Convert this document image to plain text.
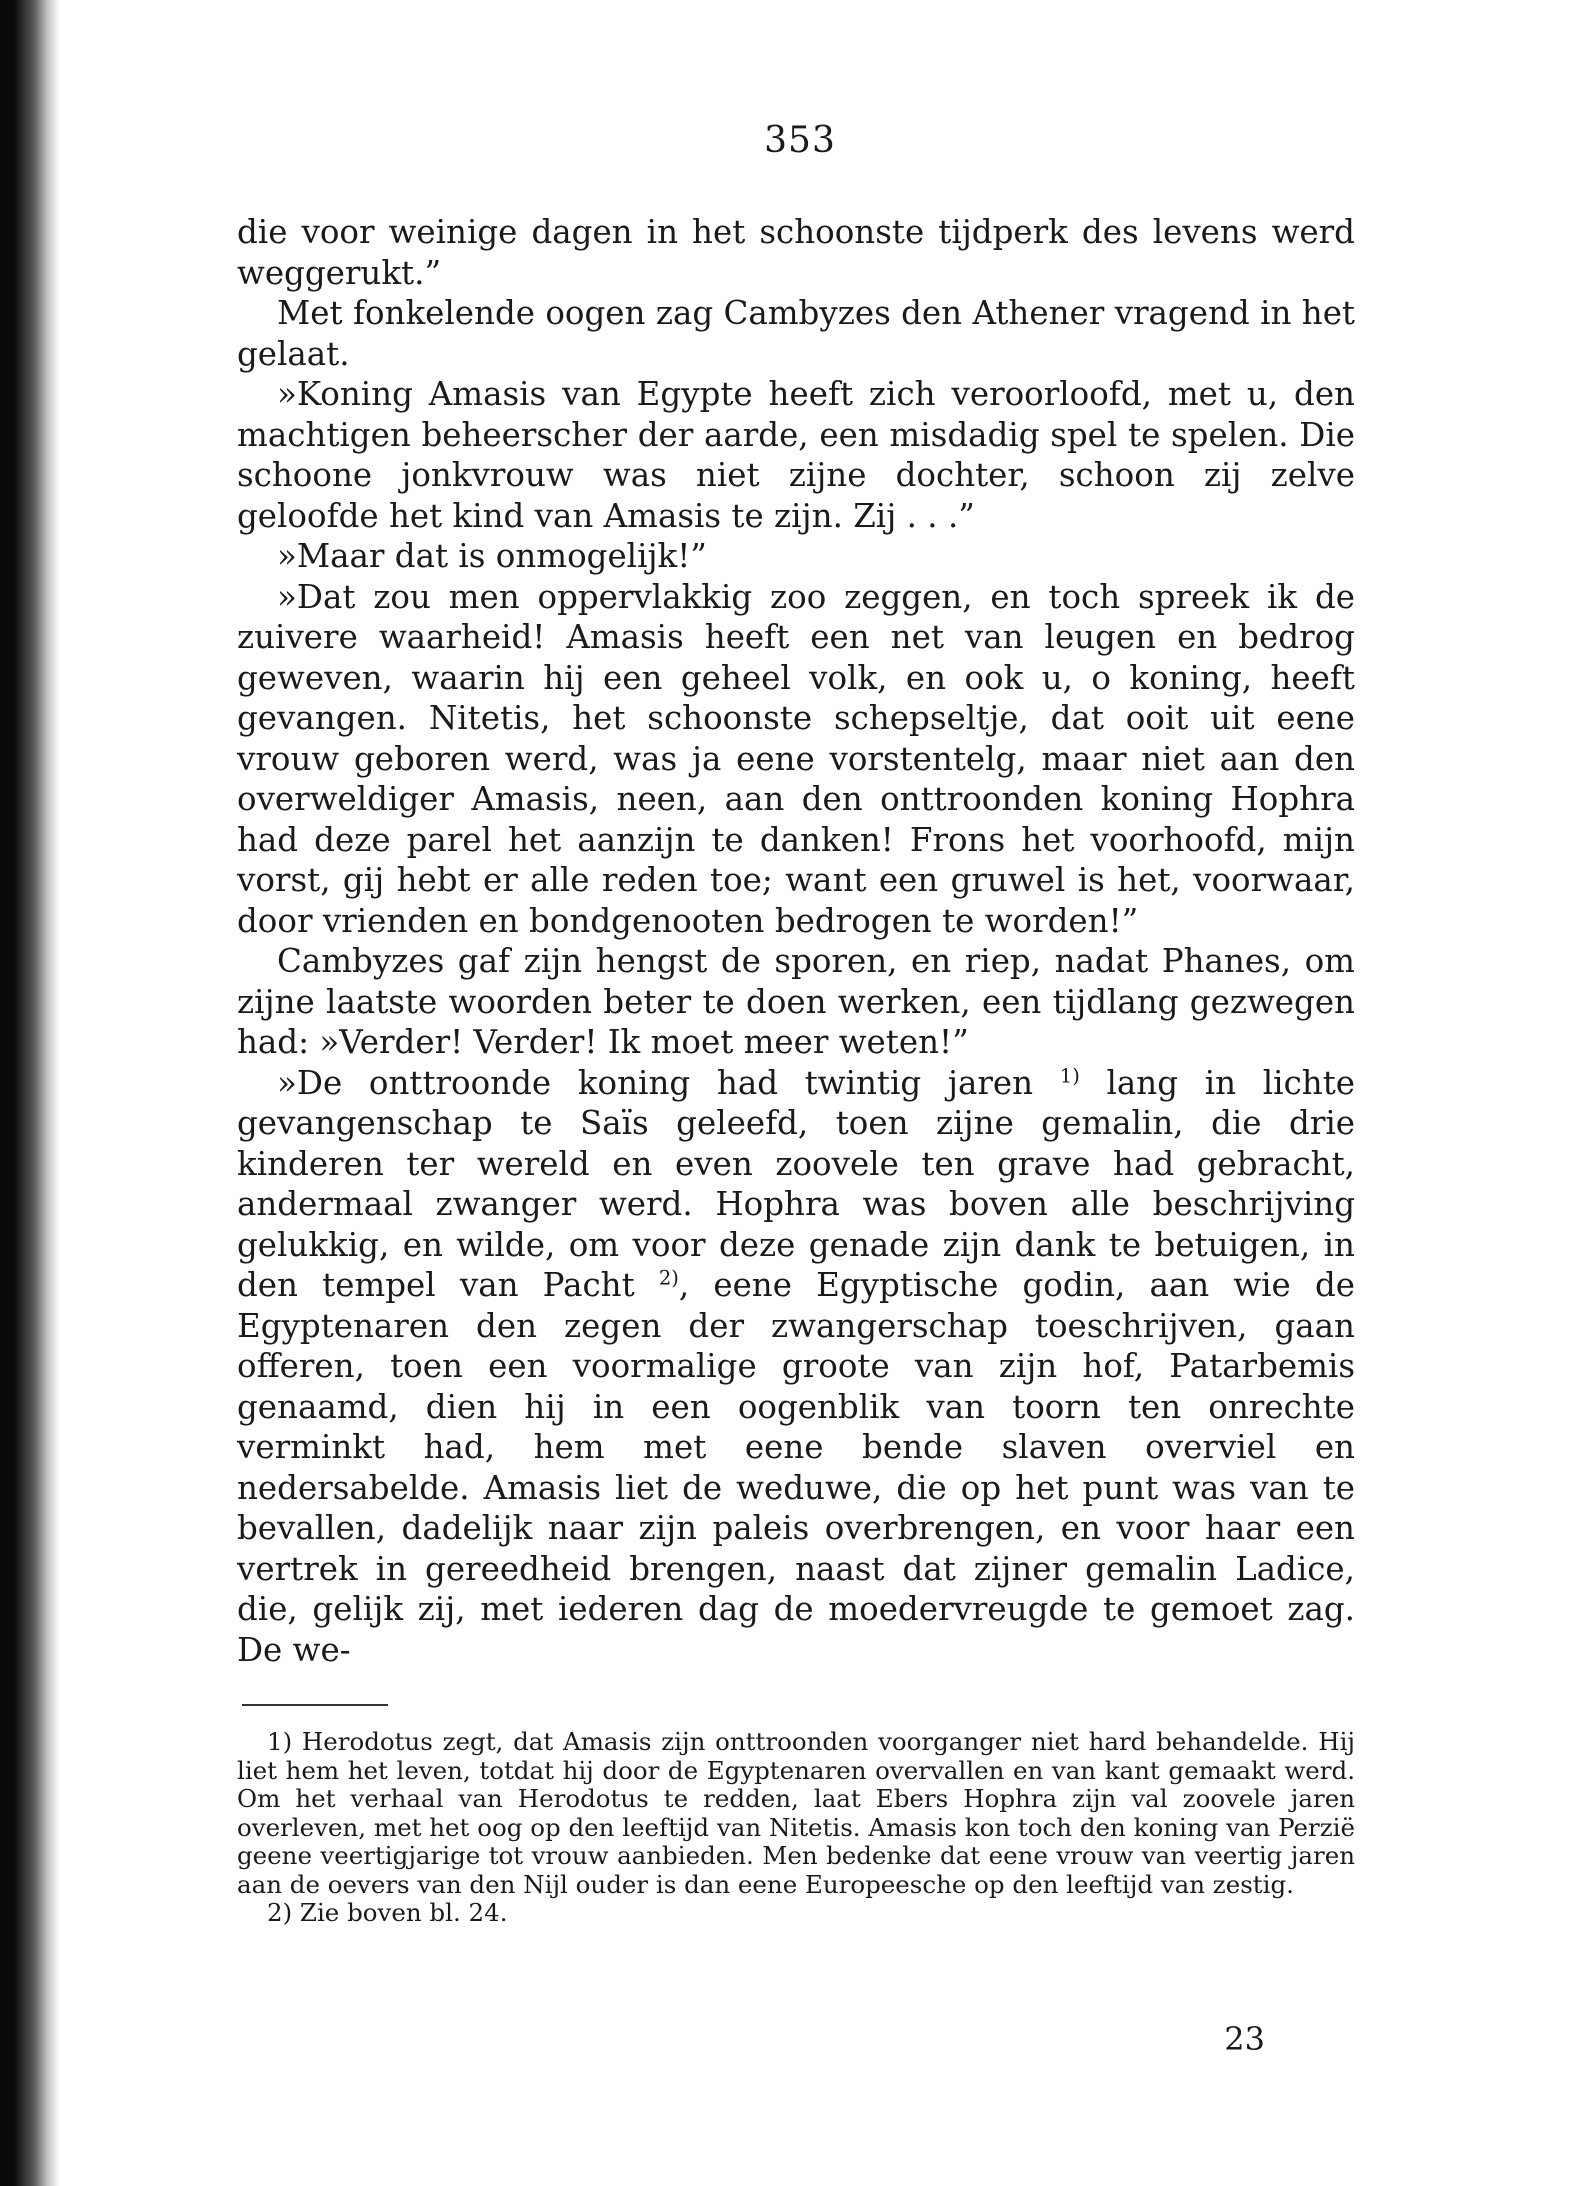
353

die voor weinige dagen in het schoonste tijdperk des levens werd weggerukt.”

Met fonkelende oogen zag Cambyzes den Athener vragend in het gelaat.

»Koning Amasis van Egypte heeft zich veroorloofd, met u, den machtigen beheerscher der aarde, een misdadig spel te spelen. Die schoone jonkvrouw was niet zijne dochter, schoon zij zelve geloofde het kind van Amasis te zijn. Zij . . .”

»Maar dat is onmogelijk!”

»Dat zou men oppervlakkig zoo zeggen, en toch spreek ik de zuivere waarheid! Amasis heeft een net van leugen en bedrog geweven, waarin hij een geheel volk, en ook u, o koning, heeft gevangen. Nitetis, het schoonste schepseltje, dat ooit uit eene vrouw geboren werd, was ja eene vorstentelg, maar niet aan den overweldiger Amasis, neen, aan den onttroonden koning Hophra had deze parel het aanzijn te danken! Frons het voorhoofd, mijn vorst, gij hebt er alle reden toe; want een gruwel is het, voorwaar, door vrienden en bondgenooten bedrogen te worden!”

Cambyzes gaf zijn hengst de sporen, en riep, nadat Phanes, om zijne laatste woorden beter te doen werken, een tijdlang gezwegen had: »Verder! Verder! Ik moet meer weten!”

»De onttroonde koning had twintig jaren $^{1)}$ lang in lichte gevangenschap te Saïs geleefd, toen zijne gemalin, die drie kinderen ter wereld en even zoovele ten grave had gebracht, andermaal zwanger werd. Hophra was boven alle beschrijving gelukkig, en wilde, om voor deze genade zijn dank te betuigen, in den tempel van Pacht $^{2)}$, eene Egyptische godin, aan wie de Egyptenaren den zegen der zwangerschap toeschrijven, gaan offeren, toen een voormalige groote van zijn hof, Patarbemis genaamd, dien hij in een oogenblik van toorn ten onrechte verminkt had, hem met eene bende slaven overviel en nedersabelde. Amasis liet de weduwe, die op het punt was van te bevallen, dadelijk naar zijn paleis overbrengen, en voor haar een vertrek in gereedheid brengen, naast dat zijner gemalin Ladice, die, gelijk zij, met iederen dag de moedervreugde te gemoet zag. De we-

1) Herodotus zegt, dat Amasis zijn onttroonden voorganger niet hard behandelde. Hij liet hem het leven, totdat hij door de Egyptenaren overvallen en van kant gemaakt werd. Om het verhaal van Herodotus te redden, laat Ebers Hophra zijn val zoovele jaren overleven, met het oog op den leeftijd van Nitetis. Amasis kon toch den koning van Perzië geene veertigjarige tot vrouw aanbieden. Men bedenke dat eene vrouw van veertig jaren aan de oevers van den Nijl ouder is dan eene Europeesche op den leeftijd van zestig.

2) Zie boven bl. 24.

23
